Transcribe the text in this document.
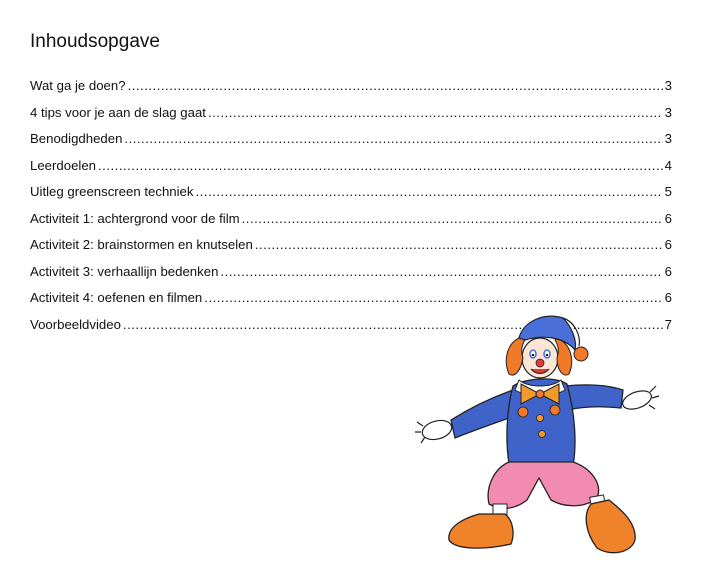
Inhoudsopgave
Wat ga je doen? .....	3
4 tips voor je aan de slag gaat .....	3
Benodigdheden .....	3
Leerdoelen .....	4
Uitleg greenscreen techniek .....	5
Activiteit 1: achtergrond voor de film .....	6
Activiteit 2: brainstormen en knutselen .....	6
Activiteit 3: verhaallijn bedenken .....	6
Activiteit 4: oefenen en filmen .....	6
Voorbeeldvideo .....	7
